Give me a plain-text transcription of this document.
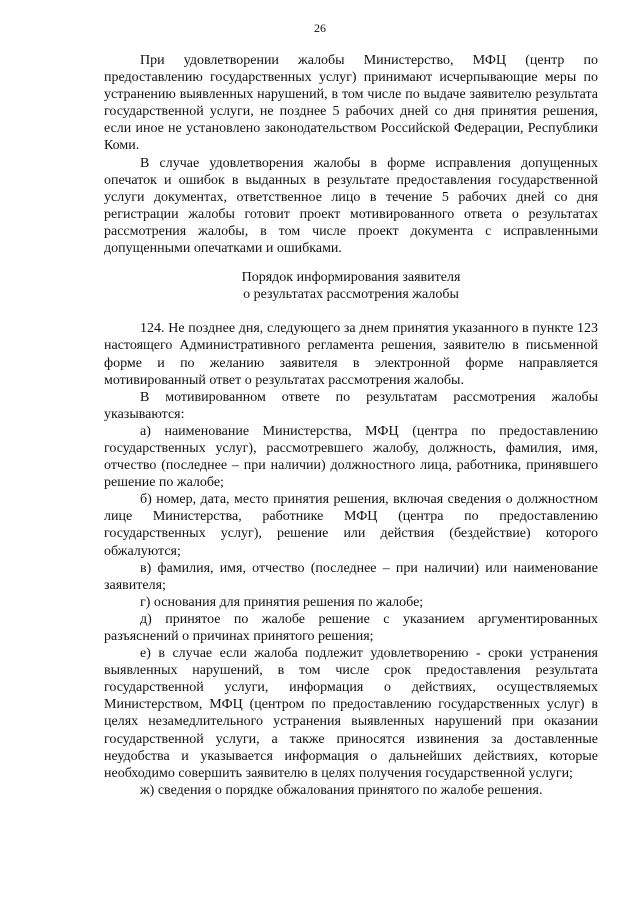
26

При удовлетворении жалобы Министерство, МФЦ (центр по предоставлению государственных услуг) принимают исчерпывающие меры по устранению выявленных нарушений, в том числе по выдаче заявителю результата государственной услуги, не позднее 5 рабочих дней со дня принятия решения, если иное не установлено законодательством Российской Федерации, Республики Коми.

В случае удовлетворения жалобы в форме исправления допущенных опечаток и ошибок в выданных в результате предоставления государственной услуги документах, ответственное лицо в течение 5 рабочих дней со дня регистрации жалобы готовит проект мотивированного ответа о результатах рассмотрения жалобы, в том числе проект документа с исправленными допущенными опечатками и ошибками.

Порядок информирования заявителя
о результатах рассмотрения жалобы

124. Не позднее дня, следующего за днем принятия указанного в пункте 123 настоящего Административного регламента решения, заявителю в письменной форме и по желанию заявителя в электронной форме направляется мотивированный ответ о результатах рассмотрения жалобы.

В мотивированном ответе по результатам рассмотрения жалобы указываются:

а) наименование Министерства, МФЦ (центра по предоставлению государственных услуг), рассмотревшего жалобу, должность, фамилия, имя, отчество (последнее – при наличии) должностного лица, работника, принявшего решение по жалобе;

б) номер, дата, место принятия решения, включая сведения о должностном лице Министерства, работнике МФЦ (центра по предоставлению государственных услуг), решение или действия (бездействие) которого обжалуются;

в) фамилия, имя, отчество (последнее – при наличии) или наименование заявителя;

г) основания для принятия решения по жалобе;

д) принятое по жалобе решение с указанием аргументированных разъяснений о причинах принятого решения;

е) в случае если жалоба подлежит удовлетворению - сроки устранения выявленных нарушений, в том числе срок предоставления результата государственной услуги, информация о действиях, осуществляемых Министерством, МФЦ (центром по предоставлению государственных услуг) в целях незамедлительного устранения выявленных нарушений при оказании государственной услуги, а также приносятся извинения за доставленные неудобства и указывается информация о дальнейших действиях, которые необходимо совершить заявителю в целях получения государственной услуги;

ж) сведения о порядке обжалования принятого по жалобе решения.
